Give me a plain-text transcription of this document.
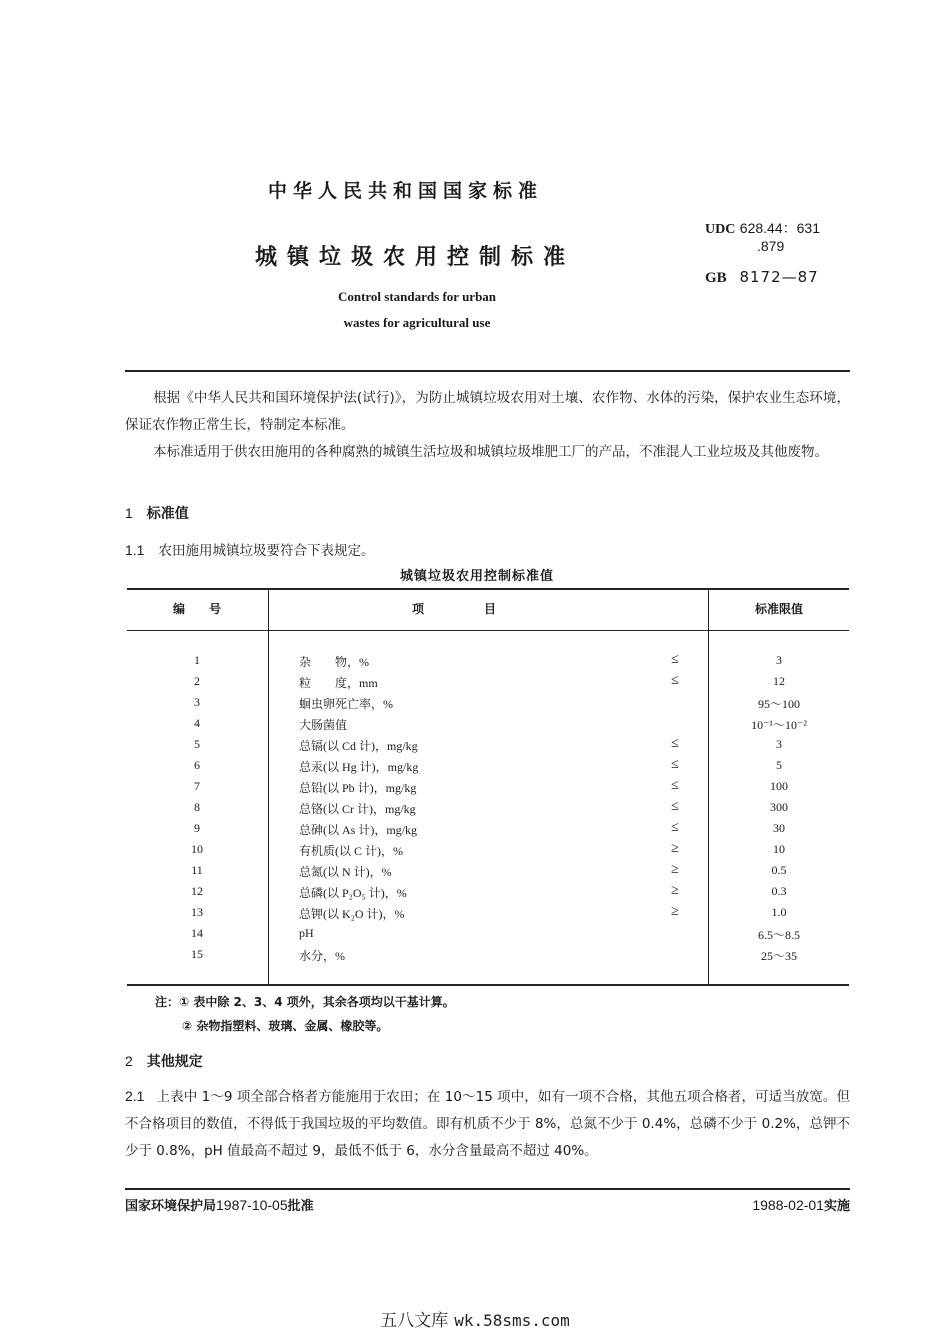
中华人民共和国国家标准
城镇垃圾农用控制标准
Control standards for urban
wastes for agricultural use
UDC 628.44：631
.879
GB 8172—87
根据《中华人民共和国环境保护法(试行)》，为防止城镇垃圾农用对土壤、农作物、水体的污染，保护农业生态环境，保证农作物正常生长，特制定本标准。
本标准适用于供农田施用的各种腐熟的城镇生活垃圾和城镇垃圾堆肥工厂的产品，不准混人工业垃圾及其他废物。
1 标准值
1.1 农田施用城镇垃圾要符合下表规定。
城镇垃圾农用控制标准值
编　　号	项　　　　　目	标准限值
1	杂　　物，%	≤	3
2	粒　　度，mm	≤	12
3	蛔虫卵死亡率，%	95～100
4	大肠菌值	10⁻¹～10⁻²
5	总镉(以 Cd 计)，mg/kg	≤	3
6	总汞(以 Hg 计)，mg/kg	≤	5
7	总铅(以 Pb 计)，mg/kg	≤	100
8	总铬(以 Cr 计)，mg/kg	≤	300
9	总砷(以 As 计)，mg/kg	≤	30
10	有机质(以 C 计)，%	≥	10
11	总氮(以 N 计)，%	≥	0.5
12	总磷(以 P₂O₅ 计)，%	≥	0.3
13	总钾(以 K₂O 计)，%	≥	1.0
14	pH	6.5～8.5
15	水分，%	25～35
注：① 表中除 2、3、4 项外，其余各项均以干基计算。
② 杂物指塑料、玻璃、金属、橡胶等。
2 其他规定
2.1 上表中 1～9 项全部合格者方能施用于农田；在 10～15 项中，如有一项不合格，其他五项合格者，可适当放宽。但不合格项目的数值，不得低于我国垃圾的平均数值。即有机质不少于 8%，总氮不少于 0.4%，总磷不少于 0.2%，总钾不少于 0.8%，pH 值最高不超过 9，最低不低于 6，水分含量最高不超过 40%。
国家环境保护局1987-10-05批准	1988-02-01实施
五八文库 wk.58sms.com
